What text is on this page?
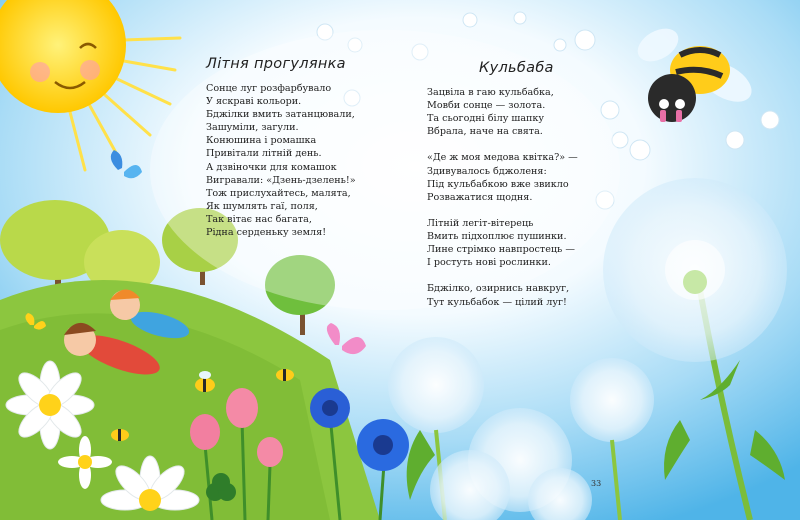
Літня прогулянка
Сонце луг розфарбувало
У яскраві кольори.
Бджілки вмить затанцювали,
Зашуміли, загули.
Конюшина і ромашка
Привітали літній день.
А дзвіночки для комашок
Вигравали: «Дзень-дзелень!»
Тож прислухайтесь, малята,
Як шумлять гаї, поля,
Так вітає нас багата,
Рідна серденьку земля!
Кульбаба
Зацвіла в гаю кульбабка,
Мовби сонце — золота.
Та сьогодні білу шапку
Вбрала, наче на свята.
«Де ж моя медова квітка?» —
Здивувалось бджоленя:
Під кульбабкою вже звикло
Розважатися щодня.
Літній легіт-вітерець
Вмить підхоплює пушинки.
Лине стрімко навпростець —
І ростуть нові рослинки.
Бджілко, озирнись навкруг,
Тут кульбабок — цілий луг!
33
